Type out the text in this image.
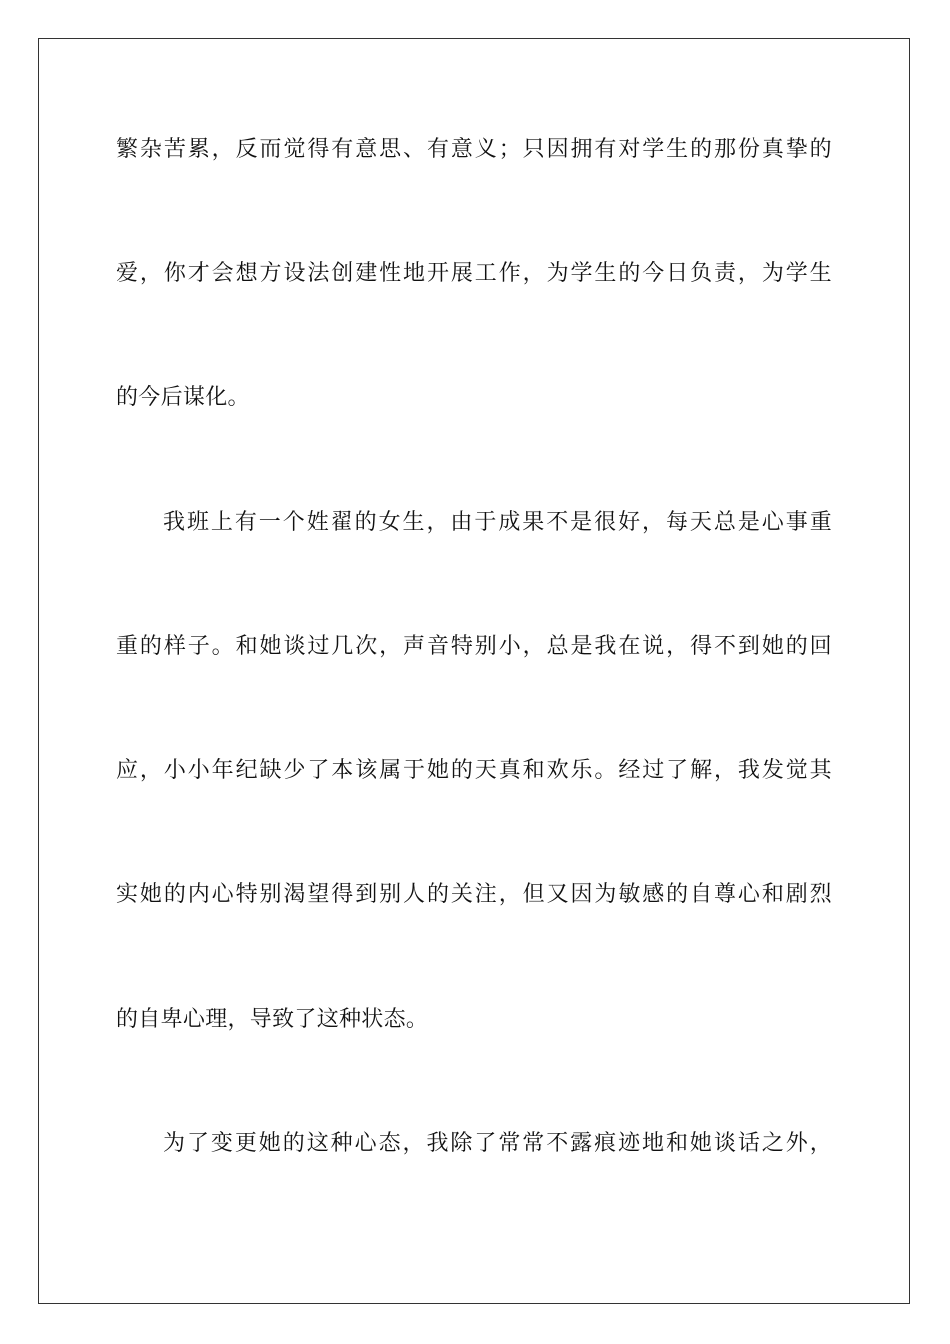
繁杂苦累，反而觉得有意思、有意义；只因拥有对学生的那份真挚的
爱，你才会想方设法创建性地开展工作，为学生的今日负责，为学生
的今后谋化。
我班上有一个姓翟的女生，由于成果不是很好，每天总是心事重
重的样子。和她谈过几次，声音特别小，总是我在说，得不到她的回
应，小小年纪缺少了本该属于她的天真和欢乐。经过了解，我发觉其
实她的内心特别渴望得到别人的关注，但又因为敏感的自尊心和剧烈
的自卑心理，导致了这种状态。
为了变更她的这种心态，我除了常常不露痕迹地和她谈话之外，
